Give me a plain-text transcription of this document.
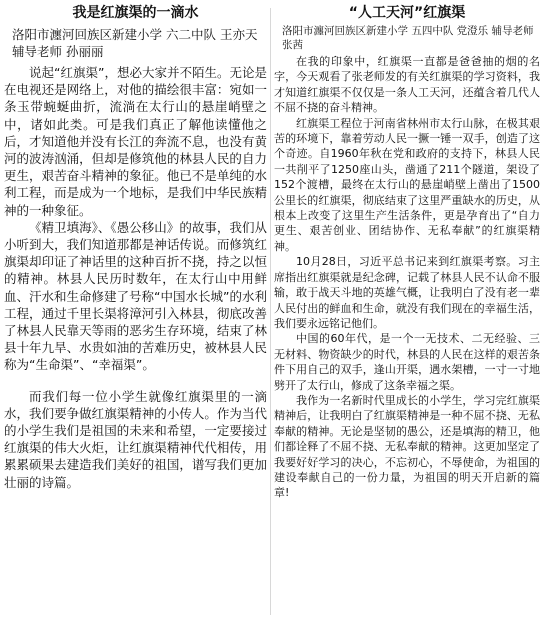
我是红旗渠的一滴水
洛阳市瀍河回族区新建小学 六二中队 王亦天 辅导老师 孙丽丽

说起“红旗渠”，想必大家并不陌生。无论是在电视还是网络上，对他的描绘很丰富：宛如一条玉带蜿蜒曲折，流淌在太行山的悬崖峭壁之中，诸如此类。可是我们真正了解他读懂他之后，才知道他并没有长江的奔流不息，也没有黄河的波涛汹涌，但却是修筑他的林县人民的自力更生，艰苦奋斗精神的象征。他已不是单纯的水利工程，而是成为一个地标，是我们中华民族精神的一种象征。

《精卫填海》、《愚公移山》的故事，我们从小听到大，我们知道那都是神话传说。而修筑红旗渠却印证了神话里的这种百折不挠，持之以恒的精神。林县人民历时数年，在太行山中用鲜血、汗水和生命修建了号称“中国水长城”的水利工程，通过千里长渠将漳河引入林县，彻底改善了林县人民靠天等雨的恶劣生存环境，结束了林县十年九旱、水贵如油的苦难历史，被林县人民称为“生命渠”、“幸福渠”。

而我们每一位小学生就像红旗渠里的一滴水，我们要争做红旗渠精神的小传人。作为当代的小学生我们是祖国的未来和希望，一定要接过红旗渠的伟大火炬，让红旗渠精神代代相传，用累累硕果去建造我们美好的祖国，谱写我们更加壮丽的诗篇。

“人工天河”红旗渠
洛阳市瀍河回族区新建小学 五四中队 党澄乐 辅导老师 张茜

在我的印象中，红旗渠一直都是爸爸抽的烟的名字，今天观看了张老师发的有关红旗渠的学习资料，我才知道红旗渠不仅仅是一条人工天河，还蕴含着几代人不屈不挠的奋斗精神。

红旗渠工程位于河南省林州市太行山脉，在极其艰苦的环境下，靠着劳动人民一撅一锤一双手，创造了这个奇迹。自1960年秋在党和政府的支持下，林县人民一共削平了1250座山头，凿通了211个隧道，架设了152个渡槽，最终在太行山的悬崖峭壁上凿出了1500公里长的红旗渠，彻底结束了这里严重缺水的历史，从根本上改变了这里生产生活条件，更是孕育出了“自力更生、艰苦创业、团结协作、无私奉献”的红旗渠精神。

10月28日，习近平总书记来到红旗渠考察。习主席指出红旗渠就是纪念碑，记载了林县人民不认命不服输，敢于战天斗地的英雄气概，让我明白了没有老一辈人民付出的鲜血和生命，就没有我们现在的幸福生活，我们要永远铭记他们。

中国的60年代，是一个一无技术、二无经验、三无材料、物资缺少的时代，林县的人民在这样的艰苦条件下用自己的双手，逢山开渠，遇水架槽，一寸一寸地劈开了太行山，修成了这条幸福之渠。

我作为一名新时代里成长的小学生，学习完红旗渠精神后，让我明白了红旗渠精神是一种不屈不挠、无私奉献的精神。无论是坚韧的愚公，还是填海的精卫，他们都诠释了不屈不挠、无私奉献的精神。这更加坚定了我要好好学习的决心，不忘初心，不辱使命，为祖国的建设奉献自己的一份力量，为祖国的明天开启新的篇章!
